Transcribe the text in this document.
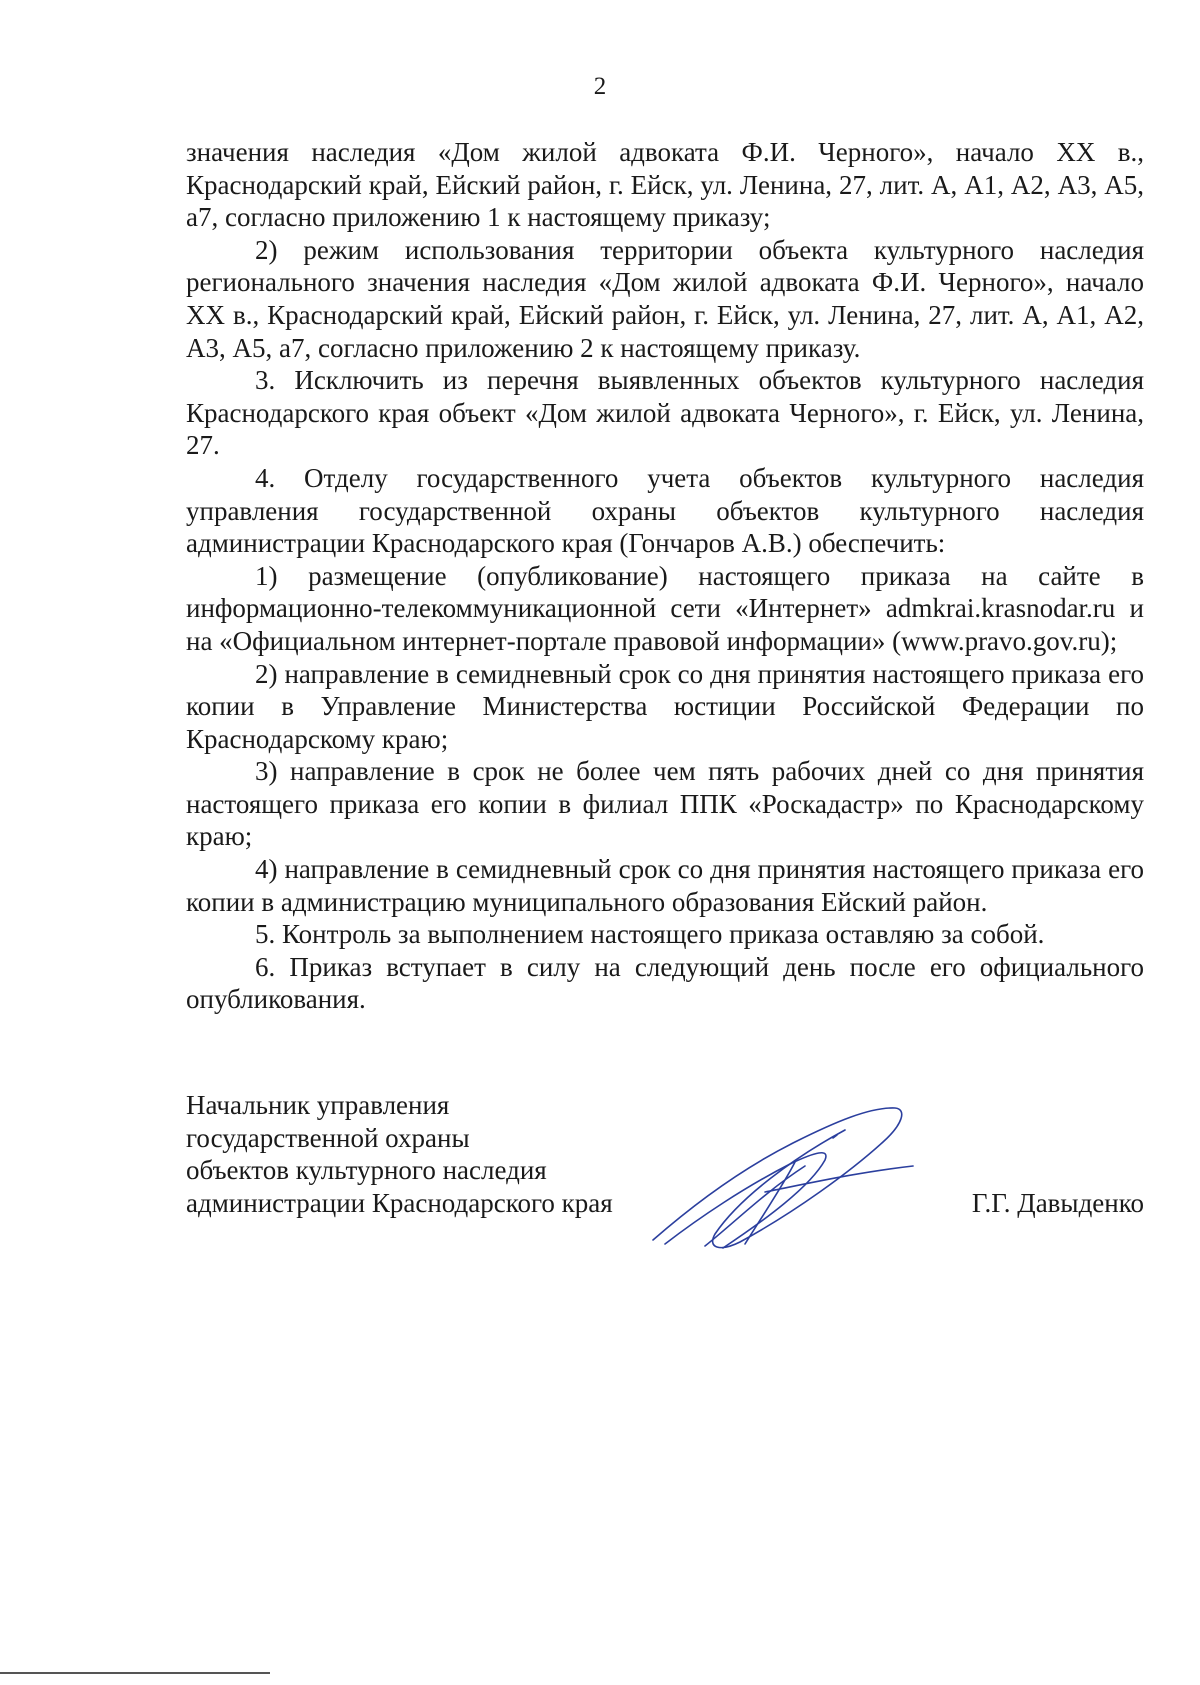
2

значения наследия «Дом жилой адвоката Ф.И. Черного», начало XX в., Краснодарский край, Ейский район, г. Ейск, ул. Ленина, 27, лит. А, А1, А2, А3, А5, а7, согласно приложению 1 к настоящему приказу;

2) режим использования территории объекта культурного наследия регионального значения наследия «Дом жилой адвоката Ф.И. Черного», начало XX в., Краснодарский край, Ейский район, г. Ейск, ул. Ленина, 27, лит. А, А1, А2, А3, А5, а7, согласно приложению 2 к настоящему приказу.

3. Исключить из перечня выявленных объектов культурного наследия Краснодарского края объект «Дом жилой адвоката Черного», г. Ейск, ул. Ленина, 27.

4. Отделу государственного учета объектов культурного наследия управления государственной охраны объектов культурного наследия администрации Краснодарского края (Гончаров А.В.) обеспечить:

1) размещение (опубликование) настоящего приказа на сайте в информационно-телекоммуникационной сети «Интернет» admkrai.krasnodar.ru и на «Официальном интернет-портале правовой информации» (www.pravo.gov.ru);

2) направление в семидневный срок со дня принятия настоящего приказа его копии в Управление Министерства юстиции Российской Федерации по Краснодарскому краю;

3) направление в срок не более чем пять рабочих дней со дня принятия настоящего приказа его копии в филиал ППК «Роскадастр» по Краснодарскому краю;

4) направление в семидневный срок со дня принятия настоящего приказа его копии в администрацию муниципального образования Ейский район.

5. Контроль за выполнением настоящего приказа оставляю за собой.

6. Приказ вступает в силу на следующий день после его официального опубликования.

Начальник управления
государственной охраны
объектов культурного наследия
администрации Краснодарского края	Г.Г. Давыденко
